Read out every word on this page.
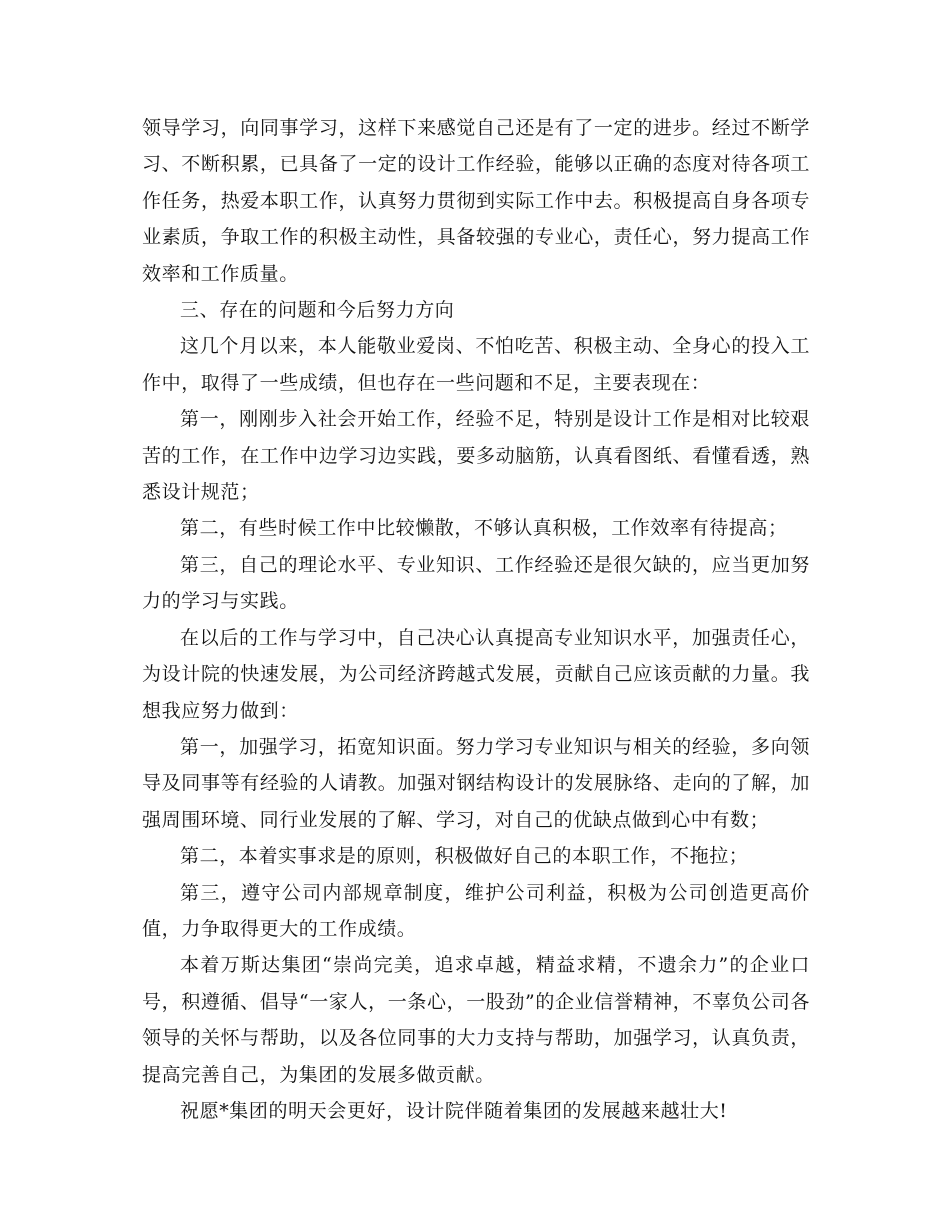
领导学习，向同事学习，这样下来感觉自己还是有了一定的进步。经过不断学习、不断积累，已具备了一定的设计工作经验，能够以正确的态度对待各项工作任务，热爱本职工作，认真努力贯彻到实际工作中去。积极提高自身各项专业素质，争取工作的积极主动性，具备较强的专业心，责任心，努力提高工作效率和工作质量。

三、存在的问题和今后努力方向

这几个月以来，本人能敬业爱岗、不怕吃苦、积极主动、全身心的投入工作中，取得了一些成绩，但也存在一些问题和不足，主要表现在：

第一，刚刚步入社会开始工作，经验不足，特别是设计工作是相对比较艰苦的工作，在工作中边学习边实践，要多动脑筋，认真看图纸、看懂看透，熟悉设计规范；

第二，有些时候工作中比较懒散，不够认真积极，工作效率有待提高；

第三，自己的理论水平、专业知识、工作经验还是很欠缺的，应当更加努力的学习与实践。

在以后的工作与学习中，自己决心认真提高专业知识水平，加强责任心，为设计院的快速发展，为公司经济跨越式发展，贡献自己应该贡献的力量。我想我应努力做到：

第一，加强学习，拓宽知识面。努力学习专业知识与相关的经验，多向领导及同事等有经验的人请教。加强对钢结构设计的发展脉络、走向的了解，加强周围环境、同行业发展的了解、学习，对自己的优缺点做到心中有数；

第二，本着实事求是的原则，积极做好自己的本职工作，不拖拉；

第三，遵守公司内部规章制度，维护公司利益，积极为公司创造更高价值，力争取得更大的工作成绩。

本着万斯达集团“崇尚完美，追求卓越，精益求精，不遗余力”的企业口号，积遵循、倡导“一家人，一条心，一股劲”的企业信誉精神，不辜负公司各领导的关怀与帮助，以及各位同事的大力支持与帮助，加强学习，认真负责，提高完善自己，为集团的发展多做贡献。

祝愿*集团的明天会更好，设计院伴随着集团的发展越来越壮大!
